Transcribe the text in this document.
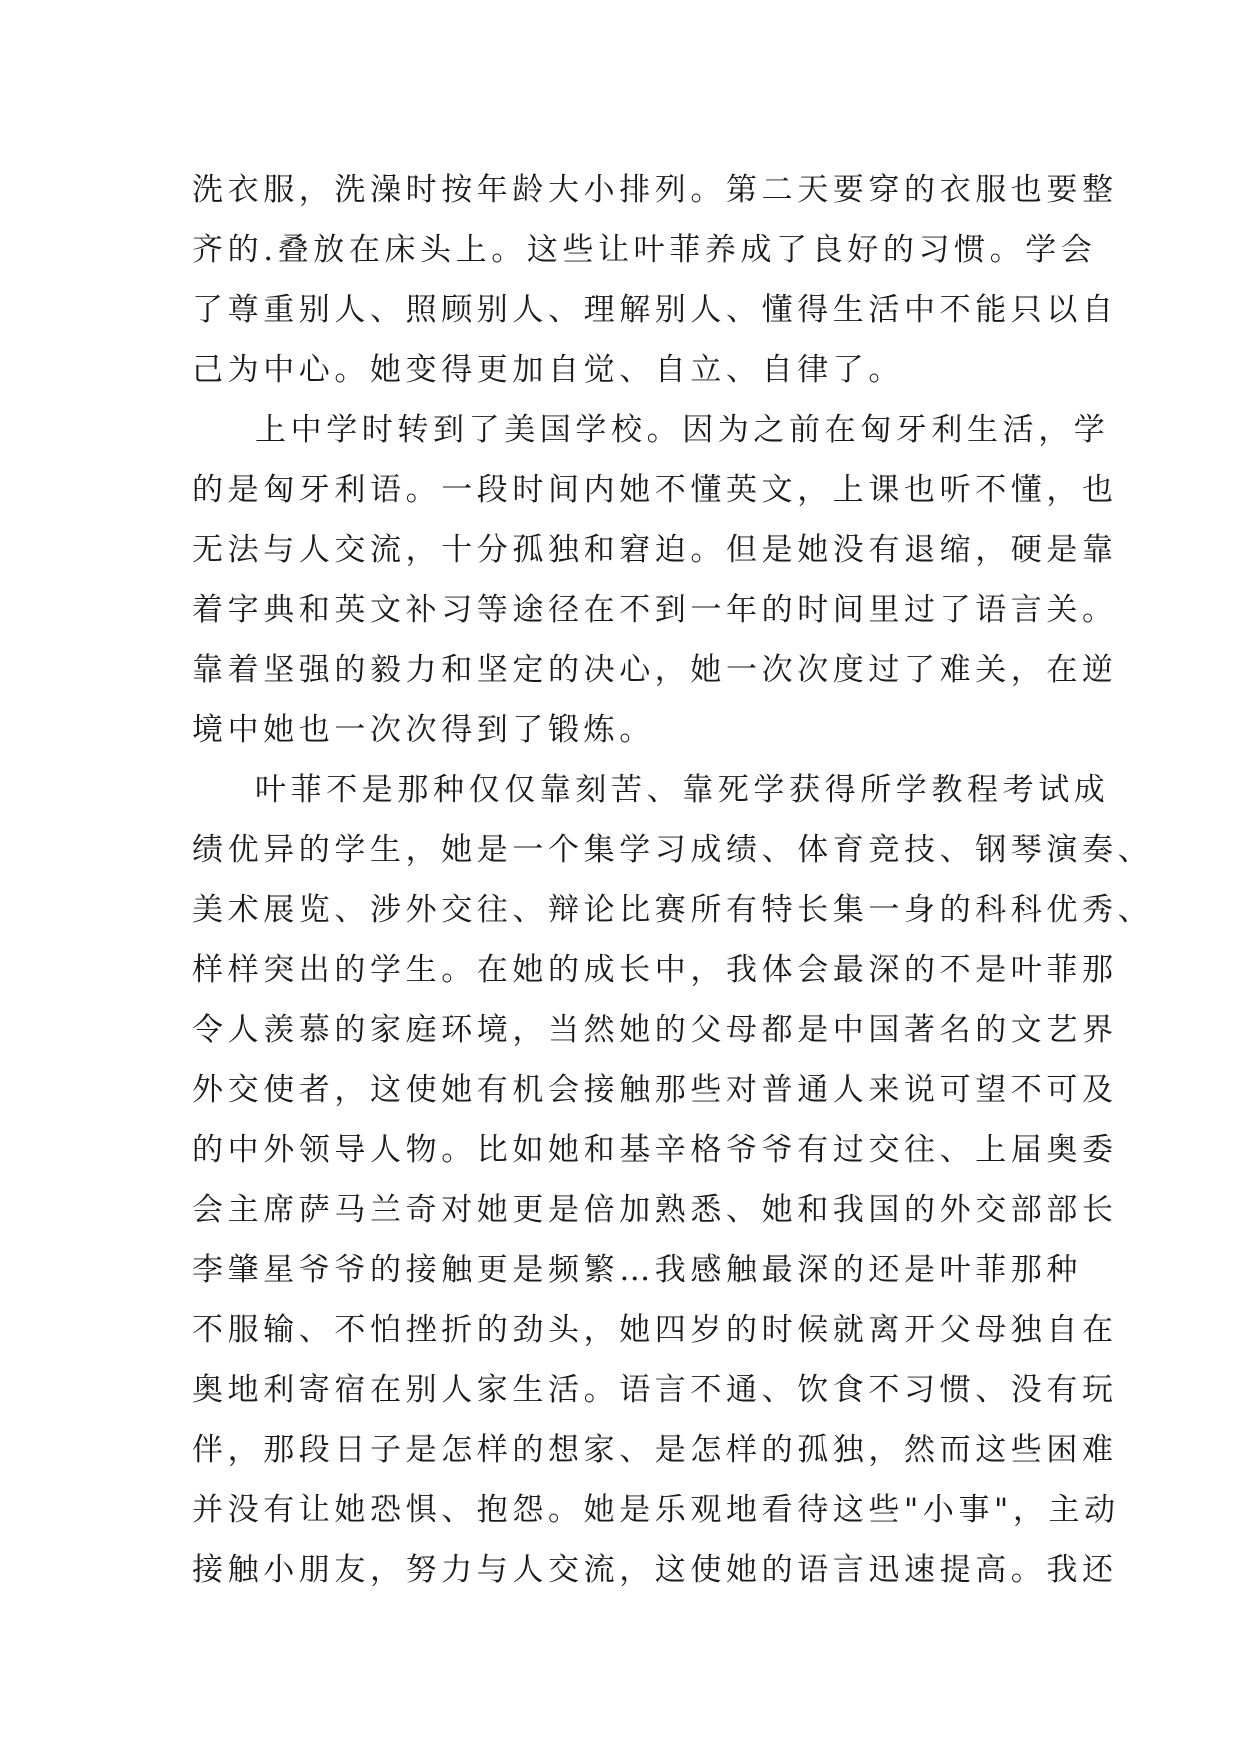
洗衣服，洗澡时按年龄大小排列。第二天要穿的衣服也要整
齐的.叠放在床头上。这些让叶菲养成了良好的习惯。学会
了尊重别人、照顾别人、理解别人、懂得生活中不能只以自
己为中心。她变得更加自觉、自立、自律了。
上中学时转到了美国学校。因为之前在匈牙利生活，学
的是匈牙利语。一段时间内她不懂英文，上课也听不懂，也
无法与人交流，十分孤独和窘迫。但是她没有退缩，硬是靠
着字典和英文补习等途径在不到一年的时间里过了语言关。
靠着坚强的毅力和坚定的决心，她一次次度过了难关，在逆
境中她也一次次得到了锻炼。
叶菲不是那种仅仅靠刻苦、靠死学获得所学教程考试成
绩优异的学生，她是一个集学习成绩、体育竞技、钢琴演奏、
美术展览、涉外交往、辩论比赛所有特长集一身的科科优秀、
样样突出的学生。在她的成长中，我体会最深的不是叶菲那
令人羡慕的家庭环境，当然她的父母都是中国著名的文艺界
外交使者，这使她有机会接触那些对普通人来说可望不可及
的中外领导人物。比如她和基辛格爷爷有过交往、上届奥委
会主席萨马兰奇对她更是倍加熟悉、她和我国的外交部部长
李肇星爷爷的接触更是频繁…我感触最深的还是叶菲那种
不服输、不怕挫折的劲头，她四岁的时候就离开父母独自在
奥地利寄宿在别人家生活。语言不通、饮食不习惯、没有玩
伴，那段日子是怎样的想家、是怎样的孤独，然而这些困难
并没有让她恐惧、抱怨。她是乐观地看待这些"小事"，主动
接触小朋友，努力与人交流，这使她的语言迅速提高。我还
